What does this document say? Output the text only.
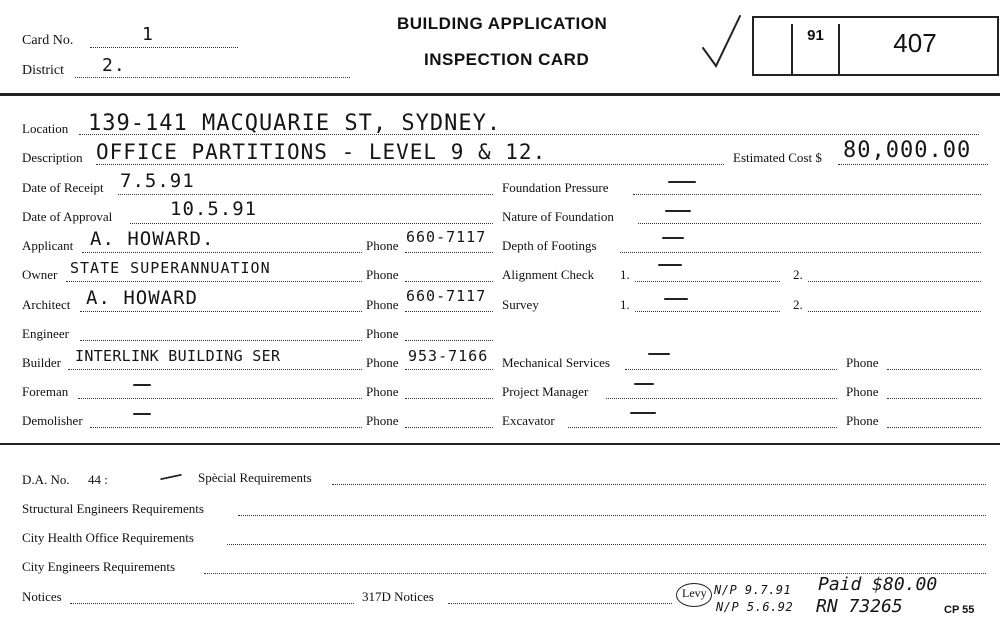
Card No.	1
District 2.
BUILDING APPLICATION
INSPECTION CARD
91	407
Location 139-141 MACQUARIE ST, SYDNEY.
Description OFFICE PARTITIONS - LEVEL 9 & 12.	Estimated Cost $ 80,000.00
Date of Receipt 7.5.91
Date of Approval	10.5.91
Applicant A. HOWARD.	Phone 660-7117
Owner STATE SUPERANNUATION	Phone
Architect A. HOWARD	Phone 660-7117
Engineer	Phone
Builder INTERLINK BUILDING SER	Phone 953-7166
Foreman	Phone
Demolisher	Phone
Foundation Pressure
Nature of Foundation
Depth of Footings
Alignment Check 1.	2.
Survey	1.	2.
Mechanical Services	Phone
Project Manager	Phone
Excavator	Phone
D.A. No. 44 :	Spècial Requirements
Structural Engineers Requirements
City Health Office Requirements
City Engineers Requirements
Notices	317D Notices	Levy N/P 9.7.91 Paid $80.00
N/P 5.6.92 RN 73265	CP 55
